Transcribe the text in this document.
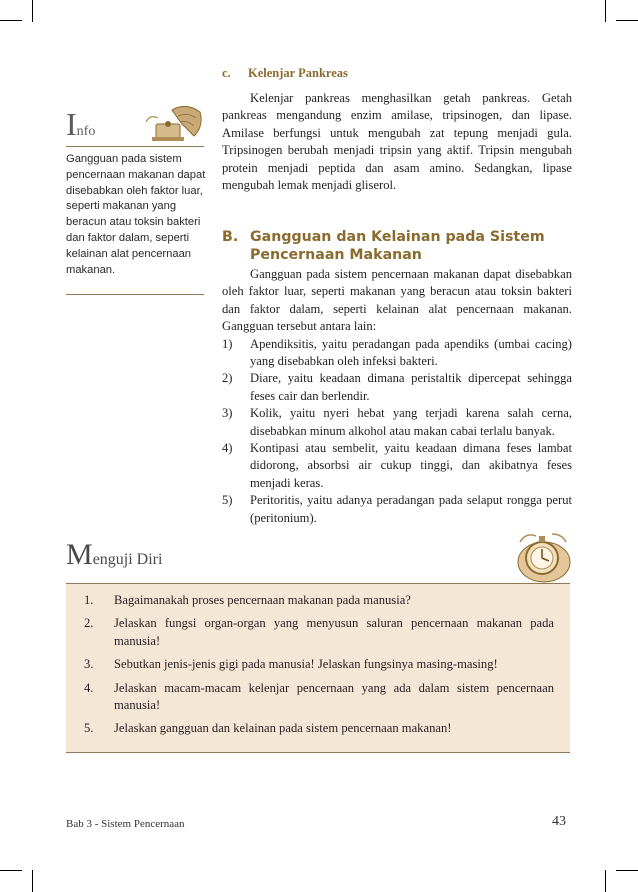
Info
Gangguan pada sistem pencernaan makanan dapat disebabkan oleh faktor luar, seperti makanan yang beracun atau toksin bakteri dan faktor dalam, seperti kelainan alat pencernaan makanan.
c. Kelenjar Pankreas

Kelenjar pankreas menghasilkan getah pankreas. Getah pankreas mengandung enzim amilase, tripsinogen, dan lipase. Amilase berfungsi untuk mengubah zat tepung menjadi gula. Tripsinogen berubah menjadi tripsin yang aktif. Tripsin mengubah protein menjadi peptida dan asam amino. Sedangkan, lipase mengubah lemak menjadi gliserol.

B. Gangguan dan Kelainan pada Sistem Pencernaan Makanan

Gangguan pada sistem pencernaan makanan dapat disebabkan oleh faktor luar, seperti makanan yang beracun atau toksin bakteri dan faktor dalam, seperti kelainan alat pencernaan makanan. Gangguan tersebut antara lain:

1) Apendiksitis, yaitu peradangan pada apendiks (umbai cacing) yang disebabkan oleh infeksi bakteri.
2) Diare, yaitu keadaan dimana peristaltik dipercepat sehingga feses cair dan berlendir.
3) Kolik, yaitu nyeri hebat yang terjadi karena salah cerna, disebabkan minum alkohol atau makan cabai terlalu banyak.
4) Kontipasi atau sembelit, yaitu keadaan dimana feses lambat didorong, absorbsi air cukup tinggi, dan akibatnya feses menjadi keras.
5) Peritoritis, yaitu adanya peradangan pada selaput rongga perut (peritonium).
Menguji Diri
1. Bagaimanakah proses pencernaan makanan pada manusia?
2. Jelaskan fungsi organ-organ yang menyusun saluran pencernaan makanan pada manusia!
3. Sebutkan jenis-jenis gigi pada manusia! Jelaskan fungsinya masing-masing!
4. Jelaskan macam-macam kelenjar pencernaan yang ada dalam sistem pencernaan manusia!
5. Jelaskan gangguan dan kelainan pada sistem pencernaan makanan!
Bab 3 - Sistem Pencernaan	43
